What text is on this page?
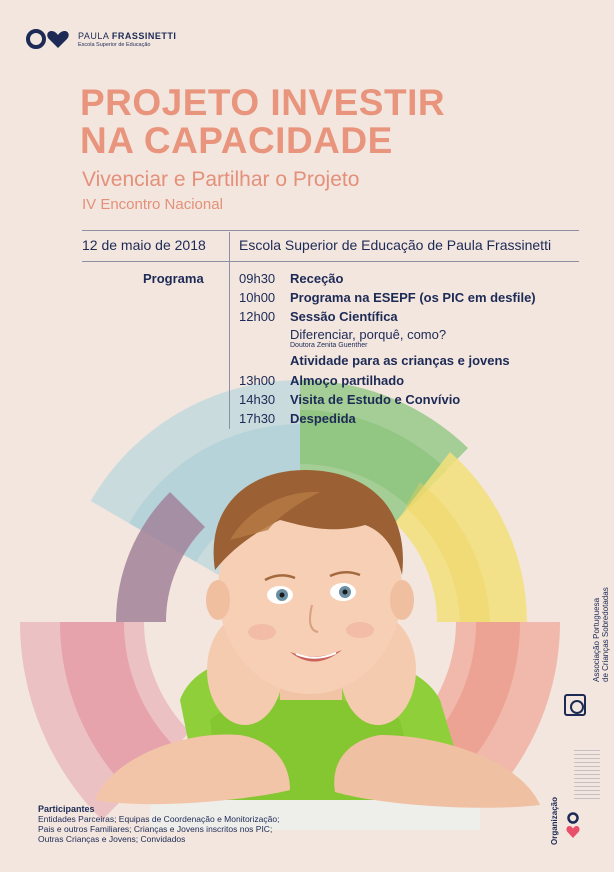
PAULA FRASSINETTI
Escola Superior de Educação
PROJETO INVESTIR
NA CAPACIDADE
Vivenciar e Partilhar o Projeto
IV Encontro Nacional
12 de maio de 2018 Escola Superior de Educação de Paula Frassinetti
Programa	09h30	Receção
10h00	Programa na ESEPF (os PIC em desfile)
12h00	Sessão Científica
Diferenciar, porquê, como?
Doutora Zenita Guenther
Atividade para as crianças e jovens
13h00	Almoço partilhado
14h30	Visita de Estudo e Convívio
17h30	Despedida
Associação Portuguesa de Crianças Sobredotadas
Organização
Participantes
Entidades Parceiras; Equipas de Coordenação e Monitorização;
Pais e outros Familiares; Crianças e Jovens inscritos nos PIC;
Outras Crianças e Jovens; Convidados
